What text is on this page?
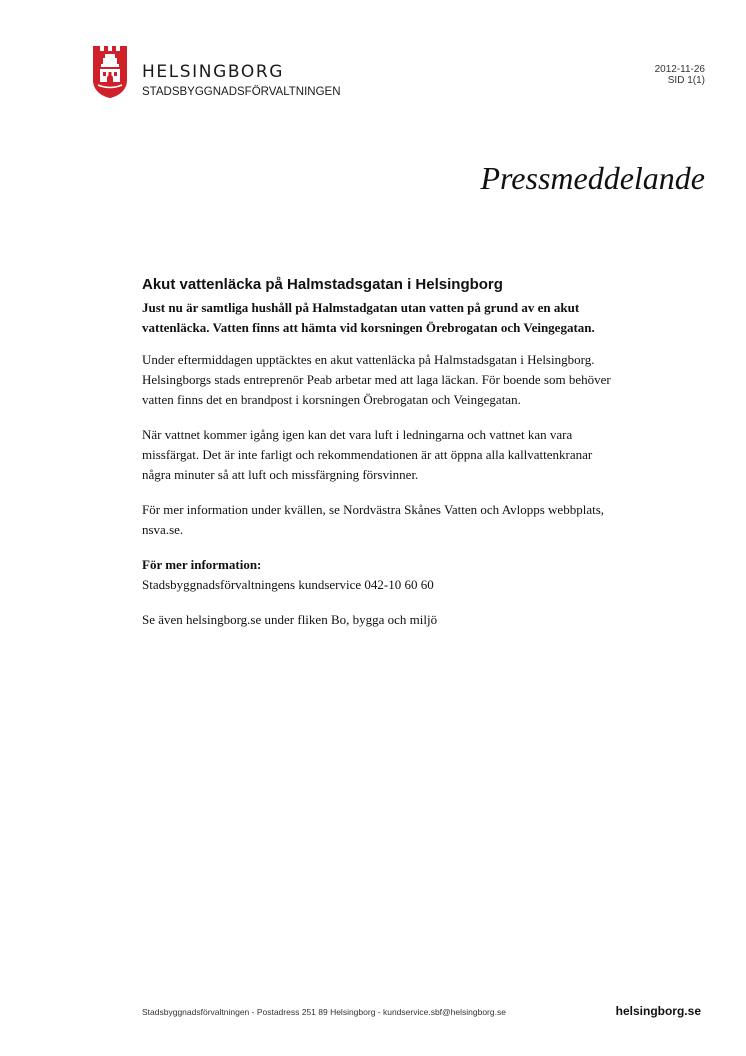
HELSINGBORG
STADSBYGGNADSFÖRVALTNINGEN
2012-11-26
SID 1(1)
Pressmeddelande
Akut vattenläcka på Halmstadsgatan i Helsingborg

Just nu är samtliga hushåll på Halmstadgatan utan vatten på grund av en akut vattenläcka. Vatten finns att hämta vid korsningen Örebrogatan och Veingegatan.

Under eftermiddagen upptäcktes en akut vattenläcka på Halmstadsgatan i Helsingborg. Helsingborgs stads entreprenör Peab arbetar med att laga läckan. För boende som behöver vatten finns det en brandpost i korsningen Örebrogatan och Veingegatan.

När vattnet kommer igång igen kan det vara luft i ledningarna och vattnet kan vara missfärgat. Det är inte farligt och rekommendationen är att öppna alla kallvattenkranar några minuter så att luft och missfärgning försvinner.

För mer information under kvällen, se Nordvästra Skånes Vatten och Avlopps webbplats, nsva.se.

För mer information:

Stadsbyggnadsförvaltningens kundservice 042-10 60 60

Se även helsingborg.se under fliken Bo, bygga och miljö

Stadsbyggnadsförvaltningen - Postadress 251 89 Helsingborg - kundservice.sbf@helsingborg.se	helsingborg.se
